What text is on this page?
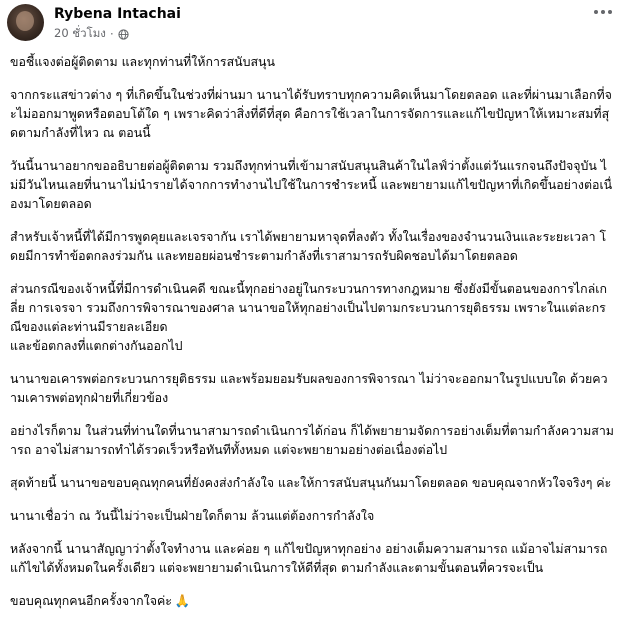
Rybena Intachai
20 ชั่วโมง ·

ขอชี้แจงต่อผู้ติดตาม และทุกท่านที่ให้การสนับสนุน

จากกระแสข่าวต่าง ๆ ที่เกิดขึ้นในช่วงที่ผ่านมา นานาได้รับทราบทุกความคิดเห็นมาโดยตลอด และที่ผ่านมาเลือกที่จะไม่ออกมาพูดหรือตอบโต้ใด ๆ เพราะคิดว่าสิ่งที่ดีที่สุด คือการใช้เวลาในการจัดการและแก้ไขปัญหาให้เหมาะสมที่สุดตามกำลังที่ไหว ณ ตอนนี้

วันนี้นานาอยากขออธิบายต่อผู้ติดตาม รวมถึงทุกท่านที่เข้ามาสนับสนุนสินค้าในไลฟ์ว่าตั้งแต่วันแรกจนถึงปัจจุบัน ไม่มีวันไหนเลยที่นานาไม่นำรายได้จากการทำงานไปใช้ในการชำระหนี้ และพยายามแก้ไขปัญหาที่เกิดขึ้นอย่างต่อเนื่องมาโดยตลอด

สำหรับเจ้าหนี้ที่ได้มีการพูดคุยและเจรจากัน เราได้พยายามหาจุดที่ลงตัว ทั้งในเรื่องของจำนวนเงินและระยะเวลา โดยมีการทำข้อตกลงร่วมกัน และทยอยผ่อนชำระตามกำลังที่เราสามารถรับผิดชอบได้มาโดยตลอด

ส่วนกรณีของเจ้าหนี้ที่มีการดำเนินคดี ขณะนี้ทุกอย่างอยู่ในกระบวนการทางกฎหมาย ซึ่งยังมีขั้นตอนของการไกล่เกลี่ย การเจรจา รวมถึงการพิจารณาของศาล นานาขอให้ทุกอย่างเป็นไปตามกระบวนการยุติธรรม เพราะในแต่ละกรณีของแต่ละท่านมีรายละเอียด

และข้อตกลงที่แตกต่างกันออกไป

นานาขอเคารพต่อกระบวนการยุติธรรม และพร้อมยอมรับผลของการพิจารณา ไม่ว่าจะออกมาในรูปแบบใด ด้วยความเคารพต่อทุกฝ่ายที่เกี่ยวข้อง

อย่างไรก็ตาม ในส่วนที่ท่านใดที่นานาสามารถดำเนินการได้ก่อน ก็ได้พยายามจัดการอย่างเต็มที่ตามกำลังความสามารถ อาจไม่สามารถทำได้รวดเร็วหรือทันทีทั้งหมด แต่จะพยายามอย่างต่อเนื่องต่อไป

สุดท้ายนี้ นานาขอขอบคุณทุกคนที่ยังคงส่งกำลังใจ และให้การสนับสนุนกันมาโดยตลอด ขอบคุณจากหัวใจจริงๆ ค่ะ

นานาเชื่อว่า ณ วันนี้ไม่ว่าจะเป็นฝ่ายใดก็ตาม ล้วนแต่ต้องการกำลังใจ

หลังจากนี้ นานาสัญญาว่าตั้งใจทำงาน และค่อย ๆ แก้ไขปัญหาทุกอย่าง อย่างเต็มความสามารถ แม้อาจไม่สามารถแก้ไขได้ทั้งหมดในครั้งเดียว แต่จะพยายามดำเนินการให้ดีที่สุด ตามกำลังและตามขั้นตอนที่ควรจะเป็น

ขอบคุณทุกคนอีกครั้งจากใจค่ะ 🙏
